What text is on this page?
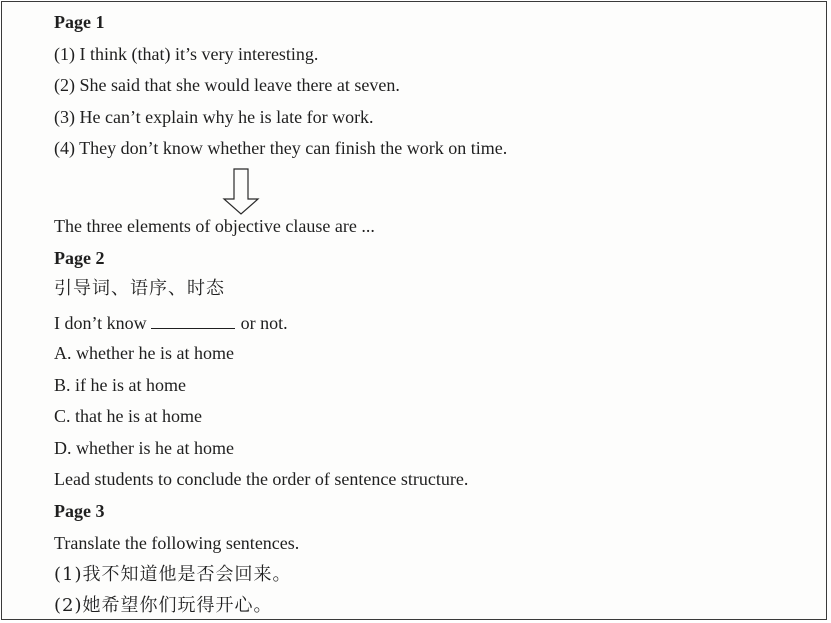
Page 1
(1) I think (that) it’s very interesting.
(2) She said that she would leave there at seven.
(3) He can’t explain why he is late for work.
(4) They don’t know whether they can finish the work on time.
The three elements of objective clause are ...
Page 2
引导词、语序、时态
I don’t know	or not.
A. whether he is at home
B. if he is at home
C. that he is at home
D. whether is he at home
Lead students to conclude the order of sentence structure.
Page 3
Translate the following sentences.
(1)我不知道他是否会回来。
(2)她希望你们玩得开心。
